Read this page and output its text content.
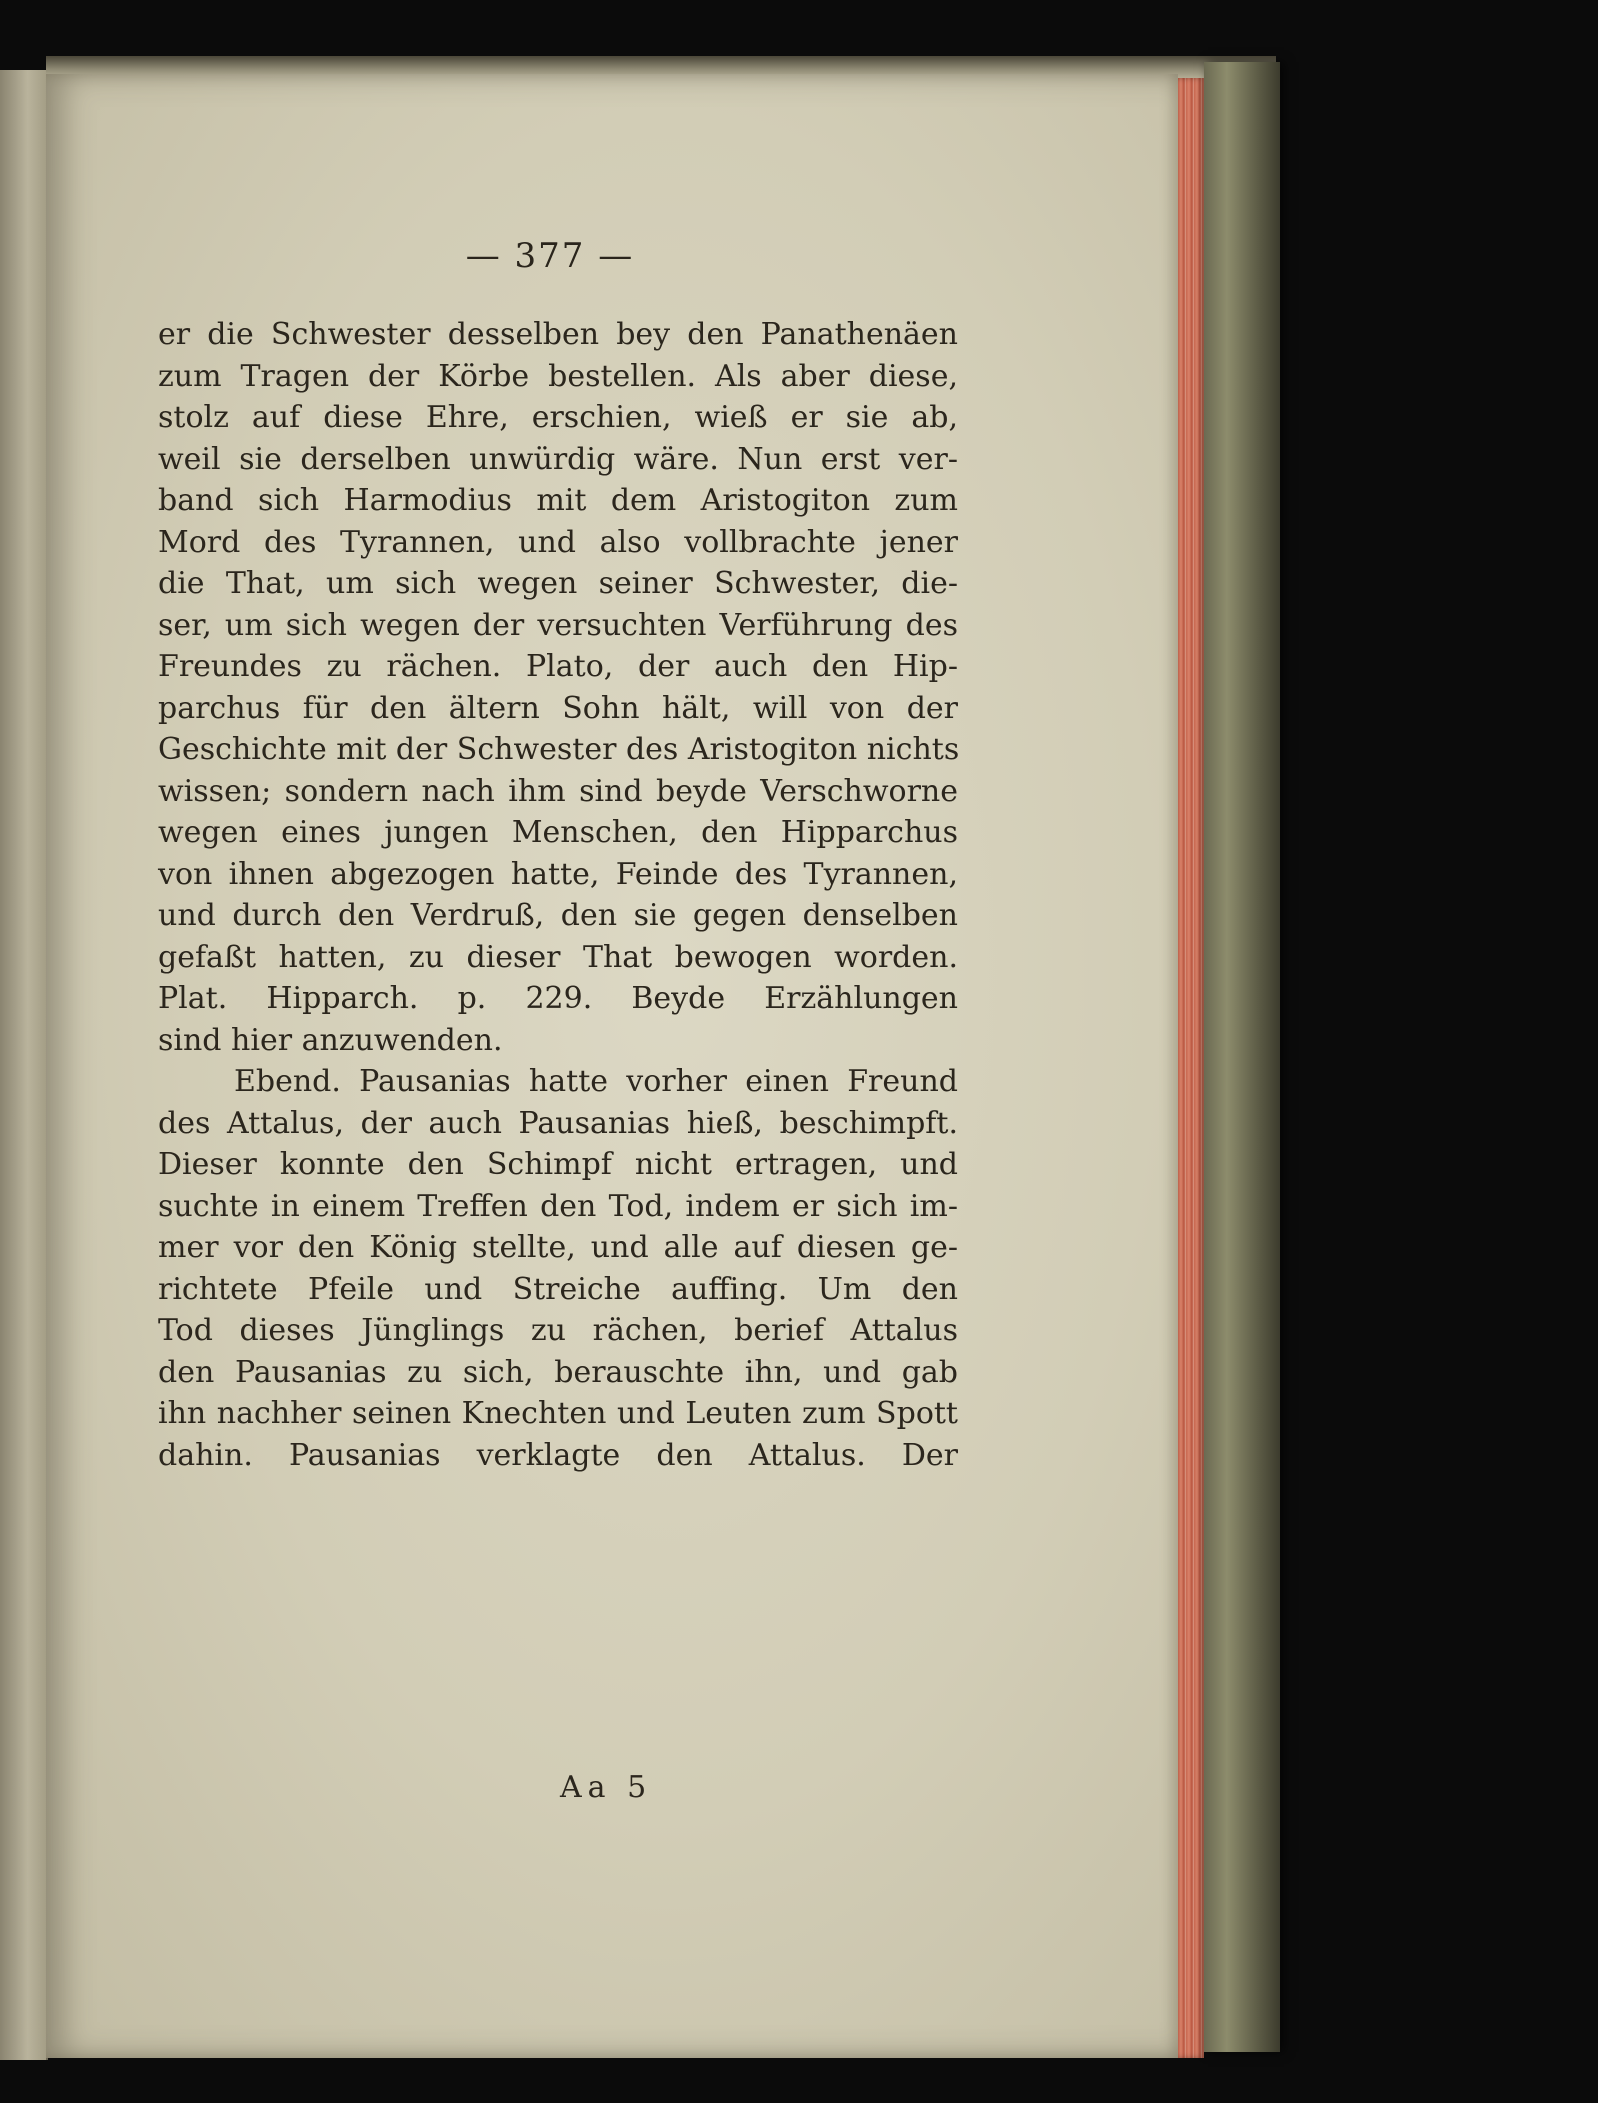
— 377 —
er die Schwester desselben bey den Panathenäen
zum Tragen der Körbe bestellen. Als aber diese,
stolz auf diese Ehre, erschien, wieß er sie ab,
weil sie derselben unwürdig wäre. Nun erst ver-
band sich Harmodius mit dem Aristogiton zum
Mord des Tyrannen, und also vollbrachte jener
die That, um sich wegen seiner Schwester, die-
ser, um sich wegen der versuchten Verführung des
Freundes zu rächen. Plato, der auch den Hip-
parchus für den ältern Sohn hält, will von der
Geschichte mit der Schwester des Aristogiton nichts
wissen; sondern nach ihm sind beyde Verschworne
wegen eines jungen Menschen, den Hipparchus
von ihnen abgezogen hatte, Feinde des Tyrannen,
und durch den Verdruß, den sie gegen denselben
gefaßt hatten, zu dieser That bewogen worden.
Plat. Hipparch. p. 229. Beyde Erzählungen
sind hier anzuwenden.
Ebend. Pausanias hatte vorher einen Freund
des Attalus, der auch Pausanias hieß, beschimpft.
Dieser konnte den Schimpf nicht ertragen, und
suchte in einem Treffen den Tod, indem er sich im-
mer vor den König stellte, und alle auf diesen ge-
richtete Pfeile und Streiche auffing. Um den
Tod dieses Jünglings zu rächen, berief Attalus
den Pausanias zu sich, berauschte ihn, und gab
ihn nachher seinen Knechten und Leuten zum Spott
dahin. Pausanias verklagte den Attalus. Der
Aa 5
